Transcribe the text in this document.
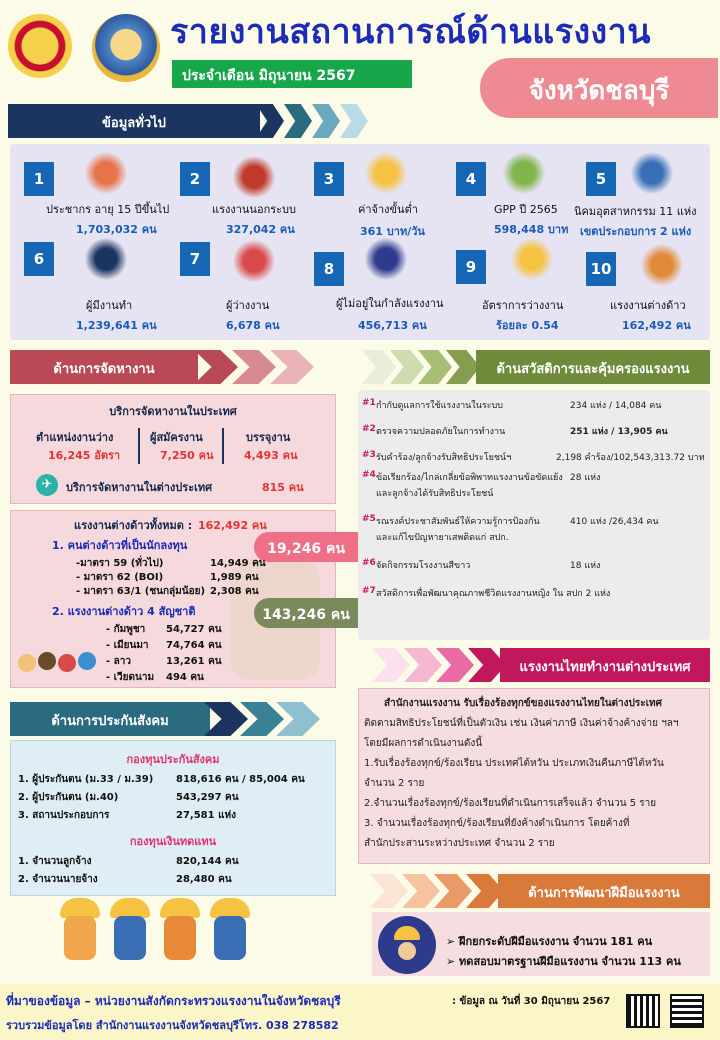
รายงานสถานการณ์ด้านแรงงาน
ประจำเดือน มิถุนายน 2567	จังหวัดชลบุรี
ข้อมูลทั่วไป
1
ประชากร อายุ 15 ปีขึ้นไป
1,703,032 คน
2
แรงงานนอกระบบ
327,042 คน
3
ค่าจ้างขั้นต่ำ
361 บาท/วัน
4
GPP ปี 2565
598,448 บาท
5
นิคมอุตสาหกรรม 11 แห่ง
เขตประกอบการ 2 แห่ง
6
ผู้มีงานทำ
1,239,641 คน
7
ผู้ว่างงาน
6,678 คน
8
ผู้ไม่อยู่ในกำลังแรงงาน
456,713 คน
9
อัตราการว่างงาน
ร้อยละ 0.54
10
แรงงานต่างด้าว
162,492 คน
ด้านการจัดหางาน
บริการจัดหางานในประเทศ
ตำแหน่งงานว่าง
16,245 อัตรา
ผู้สมัครงาน
7,250 คน
บรรจุงาน
4,493 คน
✈	บริการจัดหางานในต่างประเทศ	815 คน
แรงงานต่างด้าวทั้งหมด : 162,492 คน
1. คนต่างด้าวที่เป็นนักลงทุน	19,246 คน
-มาตรา 59 (ทั่วไป)	14,949 คน
- มาตรา 62 (BOI)	1,989 คน
- มาตรา 63/1 (ชนกลุ่มน้อย) 2,308 คน
2. แรงงานต่างด้าว 4 สัญชาติ	143,246 คน
- กัมพูชา 54,727 คน
- เมียนมา 74,764 คน
- ลาว	13,261 คน
- เวียดนาม 494 คน
ด้านสวัสดิการและคุ้มครองแรงงาน
#1 กำกับดูแลการใช้แรงงานในระบบ	234 แห่ง / 14,084 คน
#2 ตรวจความปลอดภัยในการทำงาน	251 แห่ง / 13,905 คน
#3 รับคำร้อง/ลูกจ้างรับสิทธิประโยชน์ฯ	2,198 คำร้อง/102,543,313.72 บาท
#4 ข้อเรียกร้อง/ไกล่เกลี่ยข้อพิพาทแรงงานข้อขัดแย้ง
และลูกจ้างได้รับสิทธิประโยชน์
28 แห่ง
#5 รณรงค์ประชาสัมพันธ์ให้ความรู้การป้องกัน
และแก้ไขปัญหายาเสพติดแก่ สปก.
410 แห่ง /26,434 คน
#6 จัดกิจกรรมโรงงานสีขาว	18 แห่ง
#7 สวัสดิการเพื่อพัฒนาคุณภาพชีวิตแรงงานหญิง ใน สปก 2 แห่ง
แรงงานไทยทำงานต่างประเทศ
สำนักงานแรงงาน รับเรื่องร้องทุกข์ของแรงงานไทยในต่างประเทศ
ติดตามสิทธิประโยชน์ที่เป็นตัวเงิน เช่น เงินค่าภาษี เงินค่าจ้างค้างจ่าย ฯลฯ
โดยมีผลการดำเนินงานดังนี้
1.รับเรื่องร้องทุกข์/ร้องเรียน ประเทศไต้หวัน ประเภทเงินคืนภาษีไต้หวัน
จำนวน 2 ราย
2.จำนวนเรื่องร้องทุกข์/ร้องเรียนที่ดำเนินการเสร็จแล้ว จำนวน 5 ราย
3. จำนวนเรื่องร้องทุกข์/ร้องเรียนที่ยังค้างดำเนินการ โดยค้างที่
สำนักประสานระหว่างประเทศ จำนวน 2 ราย
ด้านการประกันสังคม
กองทุนประกันสังคม
1. ผู้ประกันตน (ม.33 / ม.39) 818,616 คน / 85,004 คน
2. ผู้ประกันตน (ม.40)	543,297 คน
3. สถานประกอบการ	27,581 แห่ง
กองทุนเงินทดแทน
1. จำนวนลูกจ้าง	820,144 คน
2. จำนวนนายจ้าง	28,480 คน
ด้านการพัฒนาฝีมือแรงงาน
➢ ฝึกยกระดับฝีมือแรงงาน จำนวน 181 คน
➢ ทดสอบมาตรฐานฝีมือแรงงาน จำนวน 113 คน
ที่มาของข้อมูล – หน่วยงานสังกัดกระทรวงแรงงานในจังหวัดชลบุรี	: ข้อมูล ณ วันที่ 30 มิถุนายน 2567
รวบรวมข้อมูลโดย สำนักงานแรงงานจังหวัดชลบุรีโทร. 038 278582
